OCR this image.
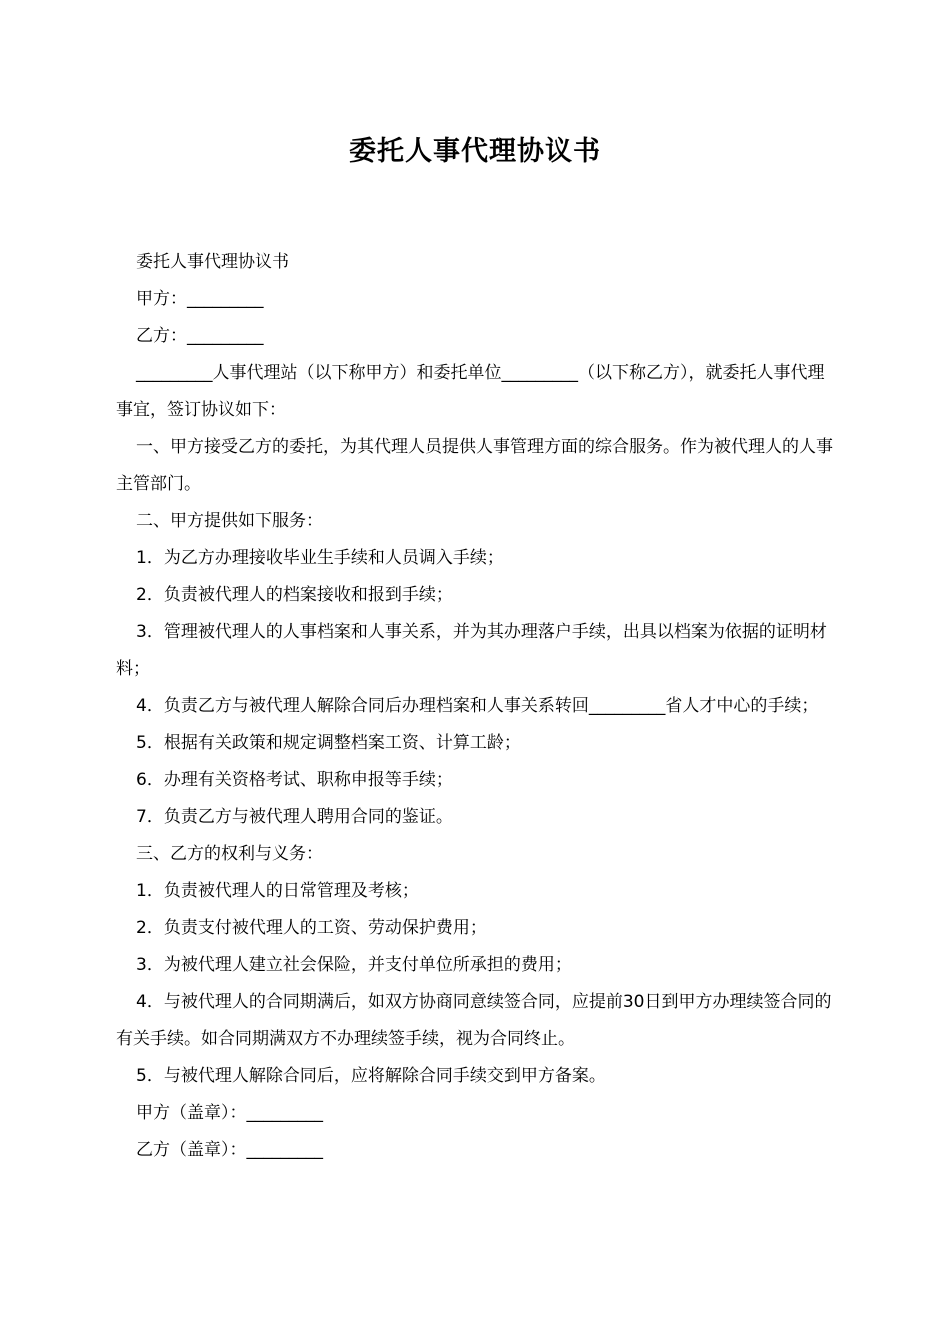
委托人事代理协议书

委托人事代理协议书

甲方：_________

乙方：_________

_________人事代理站（以下称甲方）和委托单位_________（以下称乙方），就委托人事代理事宜，签订协议如下：

一、甲方接受乙方的委托，为其代理人员提供人事管理方面的综合服务。作为被代理人的人事主管部门。

二、甲方提供如下服务：

1．为乙方办理接收毕业生手续和人员调入手续；

2．负责被代理人的档案接收和报到手续；

3．管理被代理人的人事档案和人事关系，并为其办理落户手续，出具以档案为依据的证明材料；

4．负责乙方与被代理人解除合同后办理档案和人事关系转回_________省人才中心的手续；

5．根据有关政策和规定调整档案工资、计算工龄；

6．办理有关资格考试、职称申报等手续；

7．负责乙方与被代理人聘用合同的鉴证。

三、乙方的权利与义务：

1．负责被代理人的日常管理及考核；

2．负责支付被代理人的工资、劳动保护费用；

3．为被代理人建立社会保险，并支付单位所承担的费用；

4．与被代理人的合同期满后，如双方协商同意续签合同，应提前30日到甲方办理续签合同的有关手续。如合同期满双方不办理续签手续，视为合同终止。

5．与被代理人解除合同后，应将解除合同手续交到甲方备案。

甲方（盖章）：_________

乙方（盖章）：_________
